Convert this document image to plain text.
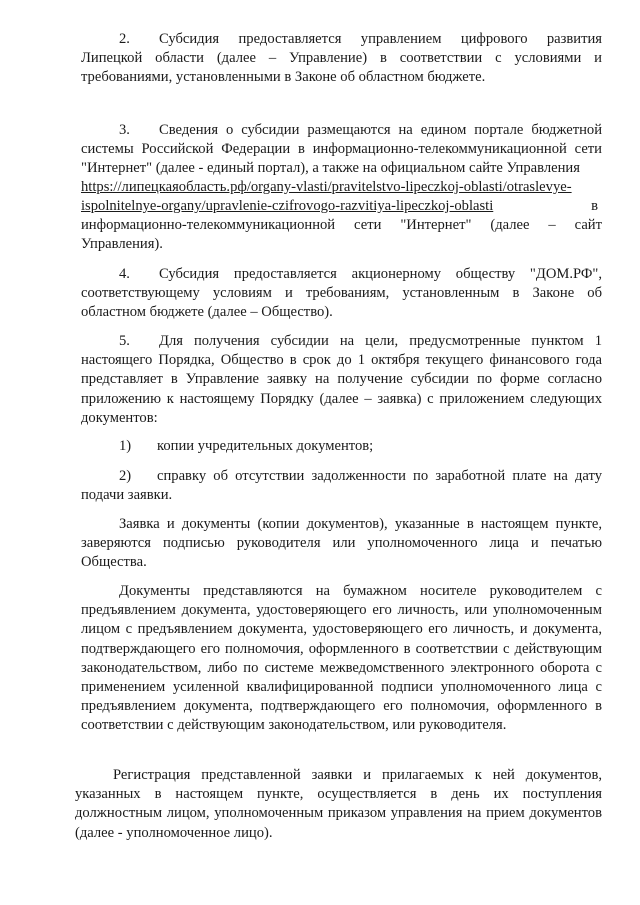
2. Субсидия предоставляется управлением цифрового развития Липецкой области (далее – Управление) в соответствии с условиями и требованиями, установленными в Законе об областном бюджете.

3. Сведения о субсидии размещаются на едином портале бюджетной системы Российской Федерации в информационно-телекоммуникационной сети "Интернет" (далее - единый портал), а также на официальном сайте Управления

https://липецкаяобласть.рф/organy-vlasti/pravitelstvo-lipeczkoj-oblasti/otraslevye-
ispolnitelnye-organy/upravlenie-czifrovogo-razvitiya-lipeczkoj-oblasti	в

информационно-телекоммуникационной сети "Интернет" (далее – сайт Управления).

4. Субсидия предоставляется акционерному обществу "ДОМ.РФ", соответствующему условиям и требованиям, установленным в Законе об областном бюджете (далее – Общество).

5. Для получения субсидии на цели, предусмотренные пунктом 1 настоящего Порядка, Общество в срок до 1 октября текущего финансового года представляет в Управление заявку на получение субсидии по форме согласно приложению к настоящему Порядку (далее – заявка) с приложением следующих документов:

1) копии учредительных документов;

2) справку об отсутствии задолженности по заработной плате на дату подачи заявки.

Заявка и документы (копии документов), указанные в настоящем пункте, заверяются подписью руководителя или уполномоченного лица и печатью Общества.

Документы представляются на бумажном носителе руководителем с предъявлением документа, удостоверяющего его личность, или уполномоченным лицом с предъявлением документа, удостоверяющего его личность, и документа, подтверждающего его полномочия, оформленного в соответствии с действующим законодательством, либо по системе межведомственного электронного оборота с применением усиленной квалифицированной подписи уполномоченного лица с предъявлением документа, подтверждающего его полномочия, оформленного в соответствии с действующим законодательством, или руководителя.

Регистрация представленной заявки и прилагаемых к ней документов, указанных в настоящем пункте, осуществляется в день их поступления должностным лицом, уполномоченным приказом управления на прием документов (далее - уполномоченное лицо).
